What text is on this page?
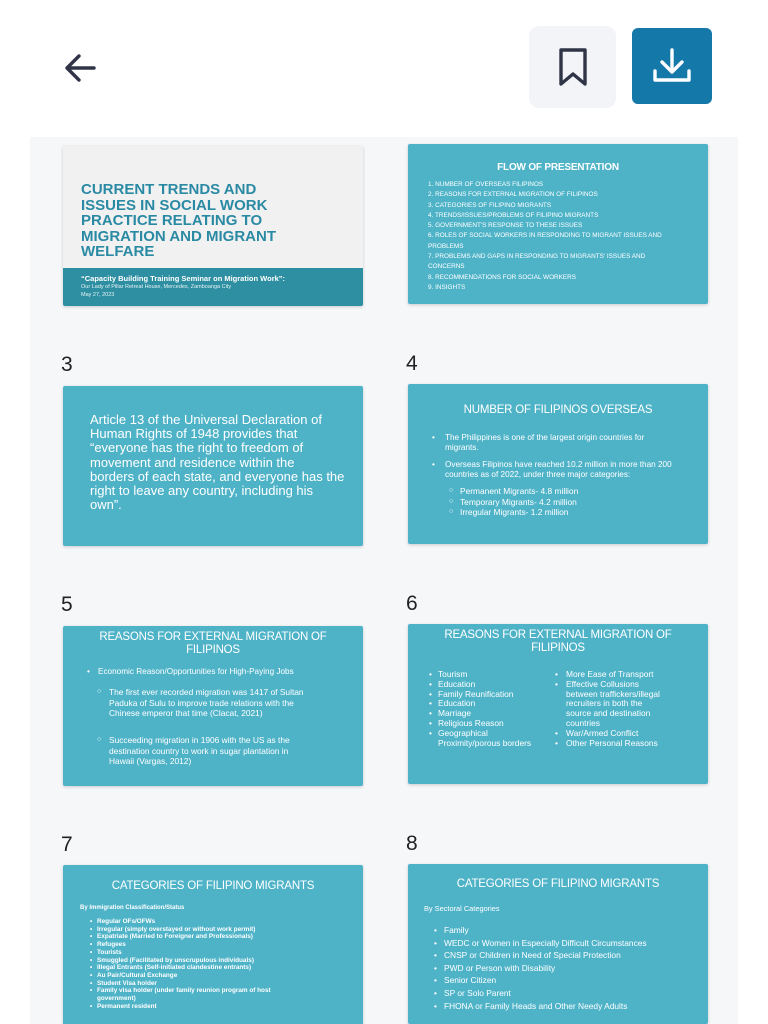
CURRENT TRENDS AND
ISSUES IN SOCIAL WORK
PRACTICE RELATING TO
MIGRATION AND MIGRANT
WELFARE
“Capacity Building Training Seminar on Migration Work”:
Our Lady of Pillar Retreat House, Mercedes, Zamboanga City
May 27, 2023
FLOW OF PRESENTATION
1. NUMBER OF OVERSEAS FILIPINOS
2. REASONS FOR EXTERNAL MIGRATION OF FILIPINOS
3. CATEGORIES OF FILIPINO MIGRANTS
4. TRENDS/ISSUES/PROBLEMS OF FILIPINO MIGRANTS
5. GOVERNMENT'S RESPONSE TO THESE ISSUES
6. ROLES OF SOCIAL WORKERS IN RESPONDING TO MIGRANT ISSUES AND
PROBLEMS
7. PROBLEMS AND GAPS IN RESPONDING TO MIGRANTS' ISSUES AND
CONCERNS
8. RECOMMENDATIONS FOR SOCIAL WORKERS
9. INSIGHTS
3
Article 13 of the Universal Declaration of
Human Rights of 1948 provides that
“everyone has the right to freedom of
movement and residence within the
borders of each state, and everyone has the
right to leave any country, including his
own”.
4
NUMBER OF FILIPINOS OVERSEAS
• The Philippines is one of the largest origin countries for
migrants.
• Overseas Filipinos have reached 10.2 million in more than 200
countries as of 2022, under three major categories:
○ Permanent Migrants- 4.8 million
○ Temporary Migrants- 4.2 million
○ Irregular Migrants- 1.2 million
5
REASONS FOR EXTERNAL MIGRATION OF
FILIPINOS
• Economic Reason/Opportunities for High-Paying Jobs
○ The first ever recorded migration was 1417 of Sultan
Paduka of Sulu to improve trade relations with the
Chinese emperor that time (Clacat, 2021)
○ Succeeding migration in 1906 with the US as the
destination country to work in sugar plantation in
Hawaii (Vargas, 2012)
6
REASONS FOR EXTERNAL MIGRATION OF
FILIPINOS
• Tourism
• Education
• Family Reunification
• Education
• Marriage
• Religious Reason
• Geographical
Proximity/porous borders
• More Ease of Transport
• Effective Collusions
between traffickers/illegal
recruiters in both the
source and destination
countries
• War/Armed Conflict
• Other Personal Reasons
7
CATEGORIES OF FILIPINO MIGRANTS
By Immigration Classification/Status
• Regular OFs/OFWs
• Irregular (simply overstayed or without work permit)
• Expatriate (Married to Foreigner and Professionals)
• Refugees
• Tourists
• Smuggled (Facilitated by unscrupulous individuals)
• Illegal Entrants (Self-initiated clandestine entrants)
• Au Pair/Cultural Exchange
• Student Visa holder
• Family visa holder (under family reunion program of host
government)
• Permanent resident
8
CATEGORIES OF FILIPINO MIGRANTS
By Sectoral Categories
• Family
• WEDC or Women in Especially Difficult Circumstances
• CNSP or Children in Need of Special Protection
• PWD or Person with Disability
• Senior Citizen
• SP or Solo Parent
• FHONA or Family Heads and Other Needy Adults
